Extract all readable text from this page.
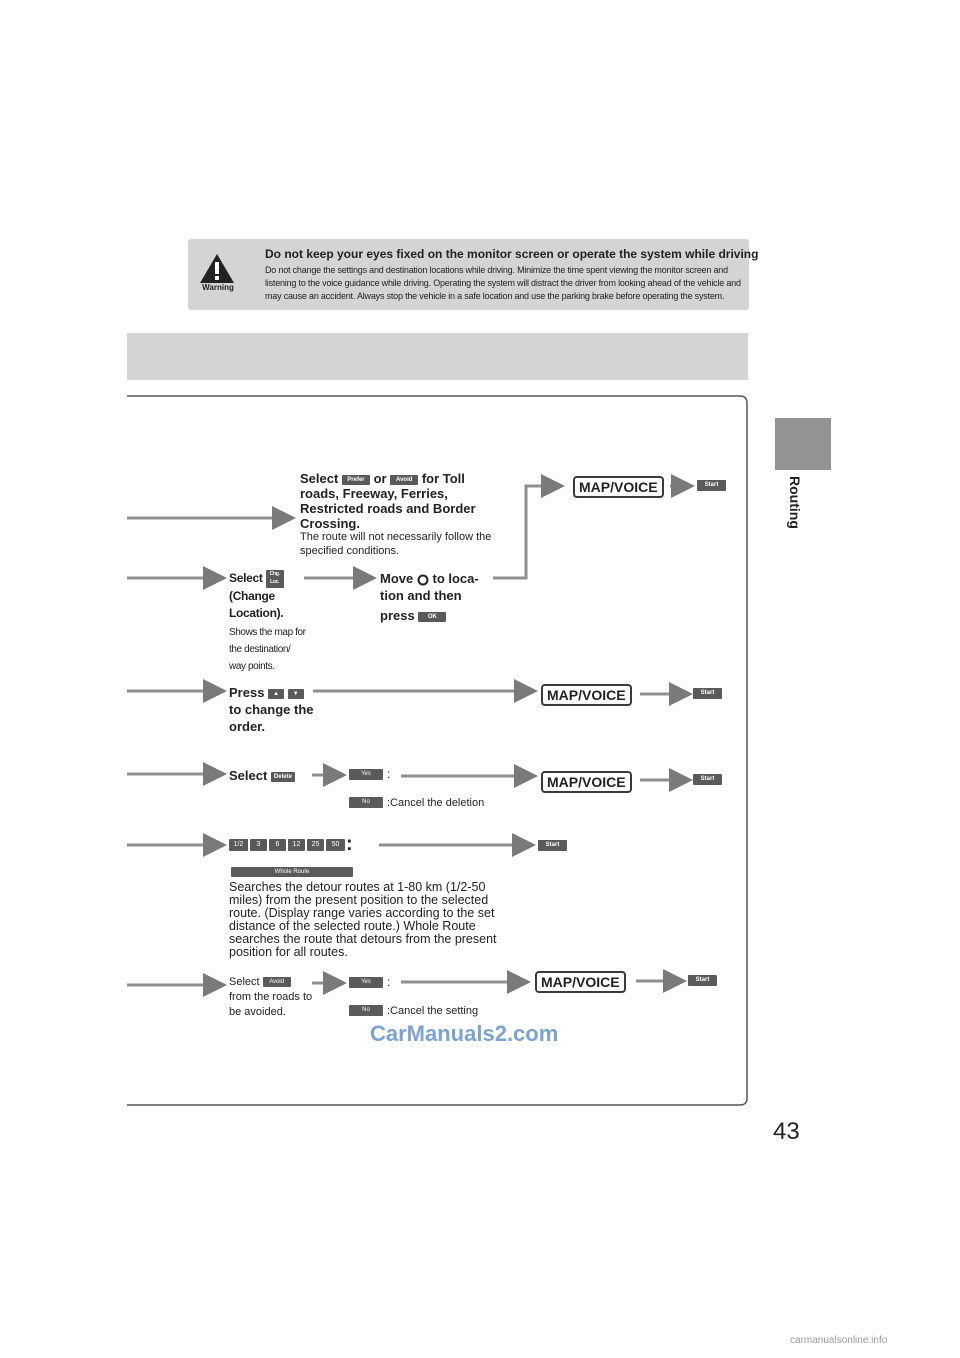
Warning
Do not keep your eyes fixed on the monitor screen or operate the system while driving
Do not change the settings and destination locations while driving. Minimize the time spent viewing the monitor screen and listening to the voice guidance while driving. Operating the system will distract the driver from looking ahead of the vehicle and may cause an accident. Always stop the vehicle in a safe location and use the parking brake before operating the system.
Routing
Select Prefer or Avoid for Toll roads, Freeway, Ferries, Restricted roads and Border Crossing.
The route will not necessarily follow the specified conditions.
MAP/VOICE	Start
Select Chg. Loc.
(Change Location).
Shows the map for the destination/ way points.
Move to loca- tion and then
press OK
Press ▲ ▼ to change the order.
MAP/VOICE	Start
Select Delete	Yes	:
No	:Cancel the deletion
MAP/VOICE	Start
1/2	3	6	12	25	50 :
Whole Route
Start
Searches the detour routes at 1-80 km (1/2-50 miles) from the present position to the selected route. (Display range varies according to the set distance of the selected route.) Whole Route searches the route that detours from the present position for all routes.
Select Avoid
from the roads to be avoided.
Yes	:
No	:Cancel the setting
MAP/VOICE	Start
CarManuals2.com
43
carmanualsonline.info
